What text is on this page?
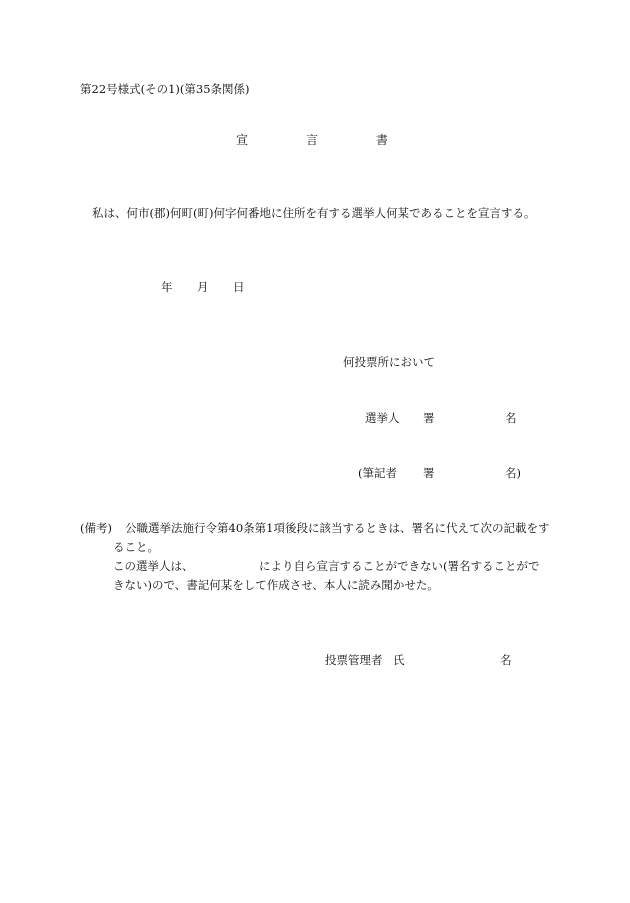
第22号様式(その1)(第35条関係)

宣	言	書

私は、何市(郡)何町(町)何字何番地に住所を有する選挙人何某であることを宣言する。

年 月 日

何投票所において

選挙人 署	名
(筆記者 署	名)
(備考) 公職選挙法施行令第40条第1項後段に該当するときは、署名に代えて次の記載をす
ること。
この選挙人は、	により自ら宣言することができない(署名することがで
きない)ので、書記何某をして作成させ、本人に読み聞かせた。
投票管理者 氏	名
